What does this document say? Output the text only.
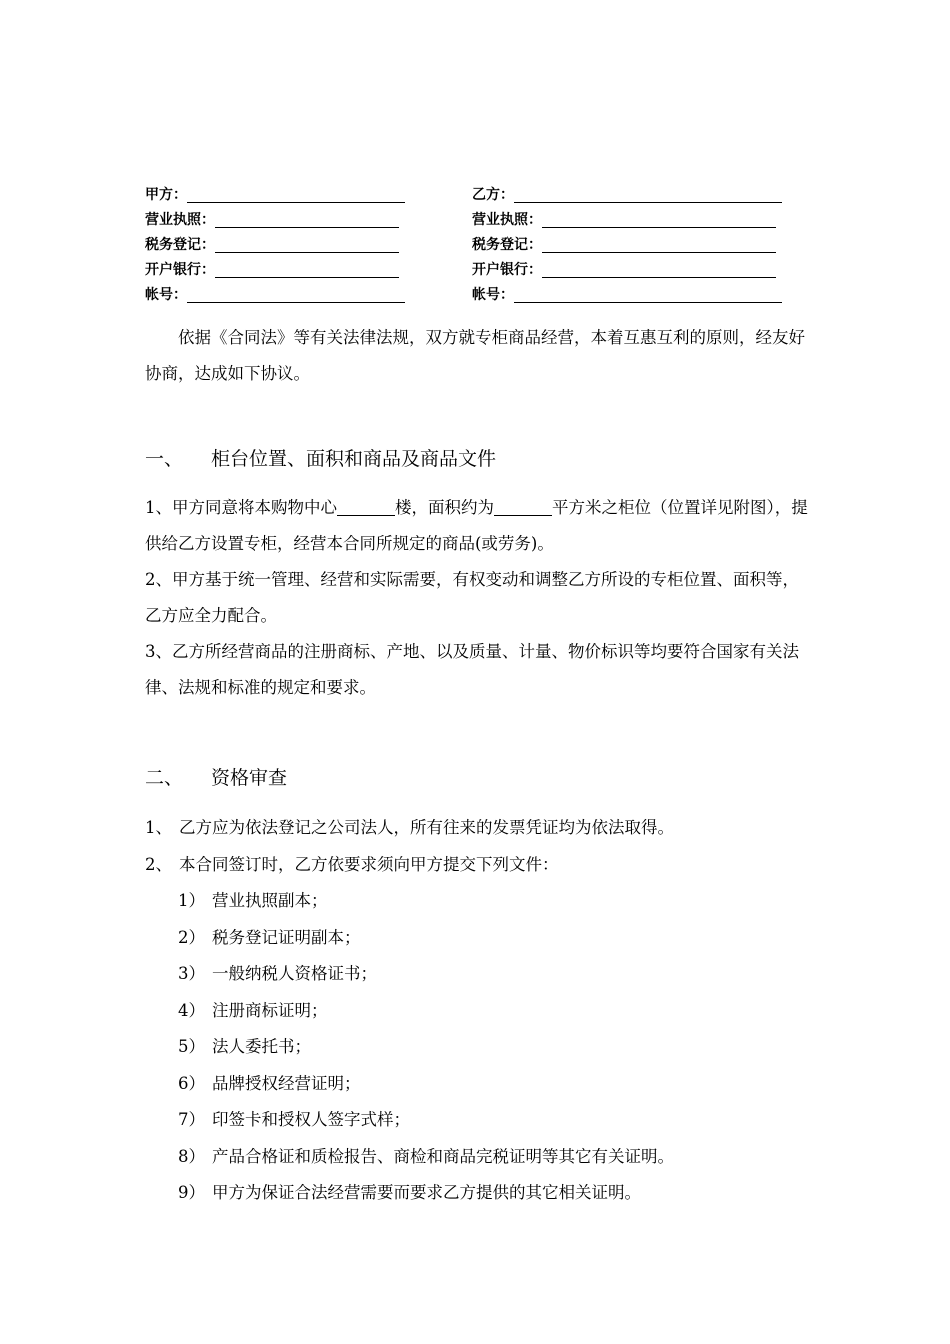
甲方：	乙方：
营业执照：	营业执照：
税务登记：	税务登记：
开户银行：	开户银行：
帐号：	帐号：
依据《合同法》等有关法律法规，双方就专柜商品经营，本着互惠互利的原则，经友好协商，达成如下协议。
一、	柜台位置、面积和商品及商品文件
1、甲方同意将本购物中心	楼，面积约为	平方米之柜位（位置详见附图），提供给乙方设置专柜，经营本合同所规定的商品(或劳务)。
2、甲方基于统一管理、经营和实际需要，有权变动和调整乙方所设的专柜位置、面积等，乙方应全力配合。
3、乙方所经营商品的注册商标、产地、以及质量、计量、物价标识等均要符合国家有关法律、法规和标准的规定和要求。
二、	资格审查
1、 乙方应为依法登记之公司法人，所有往来的发票凭证均为依法取得。
2、 本合同签订时，乙方依要求须向甲方提交下列文件：
1） 营业执照副本；
2） 税务登记证明副本；
3） 一般纳税人资格证书；
4） 注册商标证明；
5） 法人委托书；
6） 品牌授权经营证明；
7） 印签卡和授权人签字式样；
8） 产品合格证和质检报告、商检和商品完税证明等其它有关证明。
9） 甲方为保证合法经营需要而要求乙方提供的其它相关证明。
